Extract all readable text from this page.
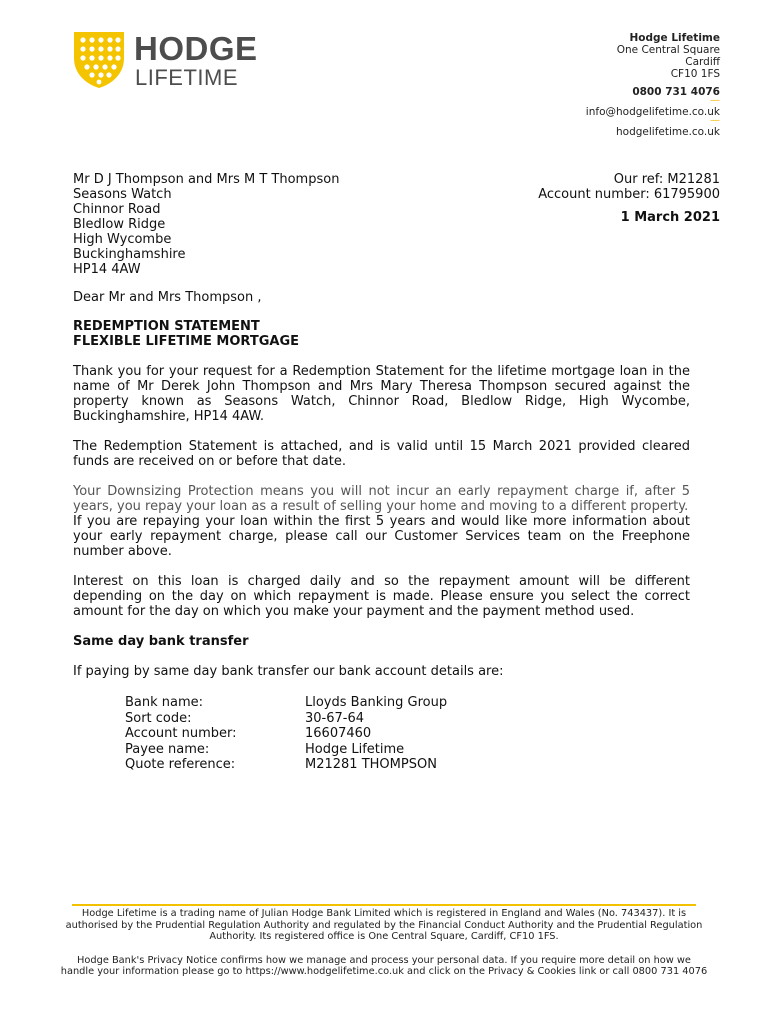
HODGE
LIFETIME
Hodge Lifetime
One Central Square
Cardiff
CF10 1FS
0800 731 4076
—
info@hodgelifetime.co.uk
—
hodgelifetime.co.uk
Mr D J Thompson and Mrs M T Thompson
Seasons Watch
Chinnor Road
Bledlow Ridge
High Wycombe
Buckinghamshire
HP14 4AW
Our ref: M21281
Account number: 61795900
1 March 2021

Dear Mr and Mrs Thompson ,

REDEMPTION STATEMENT

FLEXIBLE LIFETIME MORTGAGE

Thank you for your request for a Redemption Statement for the lifetime mortgage loan in the name of Mr Derek John Thompson and Mrs Mary Theresa Thompson secured against the property known as Seasons Watch, Chinnor Road, Bledlow Ridge, High Wycombe, Buckinghamshire, HP14 4AW.

The Redemption Statement is attached, and is valid until 15 March 2021 provided cleared funds are received on or before that date.

Your Downsizing Protection means you will not incur an early repayment charge if, after 5 years, you repay your loan as a result of selling your home and moving to a different property.

If you are repaying your loan within the first 5 years and would like more information about your early repayment charge, please call our Customer Services team on the Freephone number above.

Interest on this loan is charged daily and so the repayment amount will be different depending on the day on which repayment is made. Please ensure you select the correct amount for the day on which you make your payment and the payment method used.

Same day bank transfer

If paying by same day bank transfer our bank account details are:

Bank name:	Lloyds Banking Group
Sort code:	30-67-64
Account number:	16607460
Payee name:	Hodge Lifetime
Quote reference:	M21281 THOMPSON

Hodge Lifetime is a trading name of Julian Hodge Bank Limited which is registered in England and Wales (No. 743437). It is authorised by the Prudential Regulation Authority and regulated by the Financial Conduct Authority and the Prudential Regulation Authority. Its registered office is One Central Square, Cardiff, CF10 1FS.

Hodge Bank's Privacy Notice confirms how we manage and process your personal data. If you require more detail on how we handle your information please go to https://www.hodgelifetime.co.uk and click on the Privacy & Cookies link or call 0800 731 4076
